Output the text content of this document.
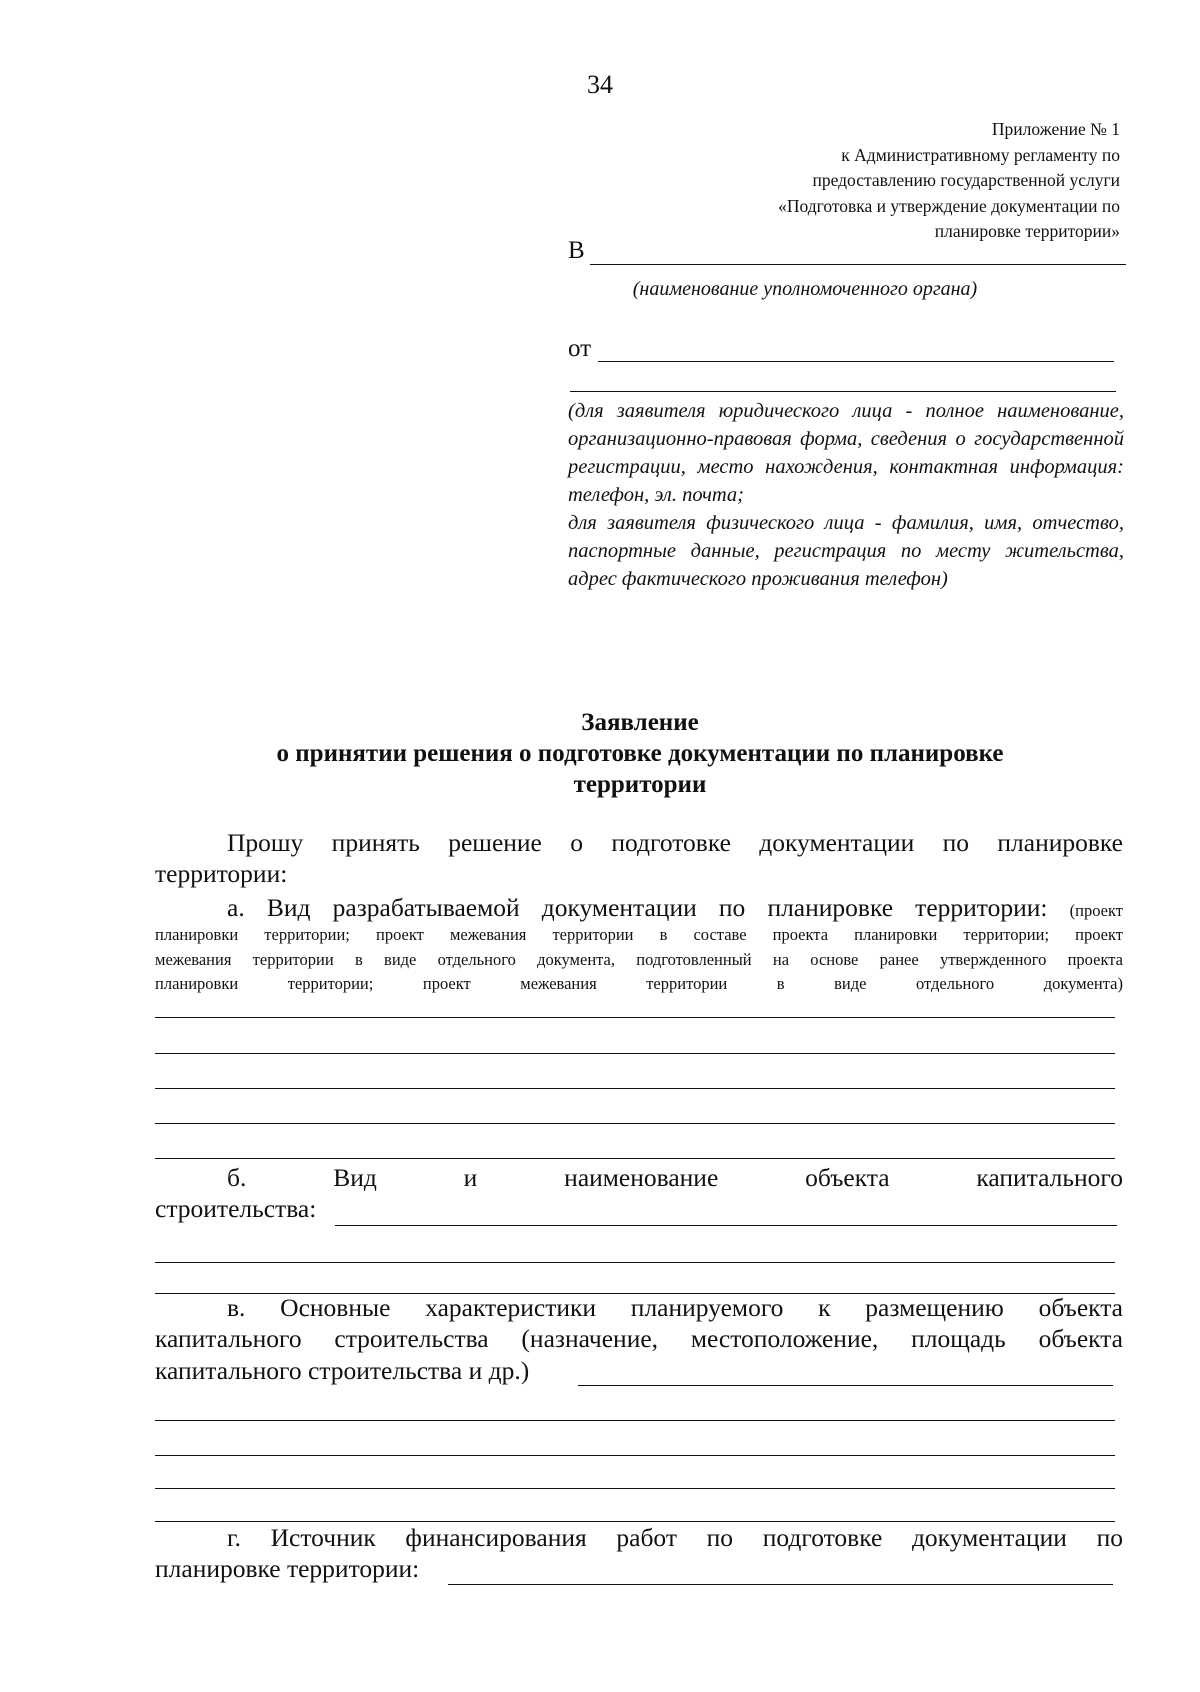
34
Приложение № 1
к Административному регламенту по
предоставлению государственной услуги
«Подготовка и утверждение документации по
планировке территории»
В
(наименование уполномоченного органа)
от

(для заявителя юридического лица - полное наименование, организационно-правовая форма, сведения о государственной регистрации, место нахождения, контактная информация: телефон, эл. почта;

для заявителя физического лица - фамилия, имя, отчество, паспортные данные, регистрация по месту жительства, адрес фактического проживания телефон)

Заявление
о принятии решения о подготовке документации по планировке
территории
Прошу принять решение о подготовке документации по планировке
территории:
а. Вид разрабатываемой документации по планировке территории: (проект
планировки территории; проект межевания территории в составе проекта планировки территории; проект
межевания территории в виде отдельного документа, подготовленный на основе ранее утвержденного проекта
планировки территории; проект межевания территории в виде отдельного документа)
б. Вид и наименование объекта капитального
строительства:
в. Основные характеристики планируемого к размещению объекта
капитального строительства (назначение, местоположение, площадь объекта
капитального строительства и др.)
г. Источник финансирования работ по подготовке документации по
планировке территории:
